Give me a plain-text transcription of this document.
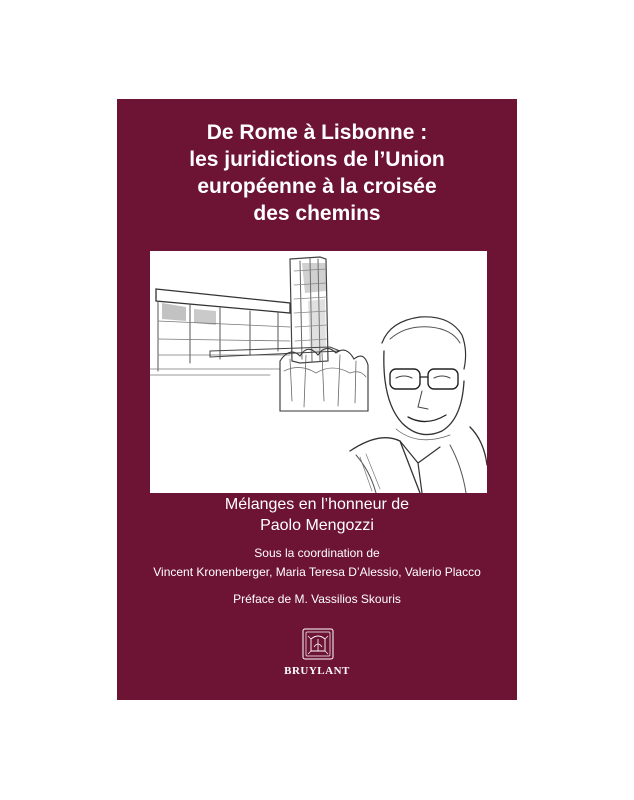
De Rome à Lisbonne :
les juridictions de l’Union
européenne à la croisée
des chemins
Mélanges en l’honneur de
Paolo Mengozzi
Sous la coordination de
Vincent Kronenberger, Maria Teresa D’Alessio, Valerio Placco
Préface de M. Vassilios Skouris
BRUYLANT
